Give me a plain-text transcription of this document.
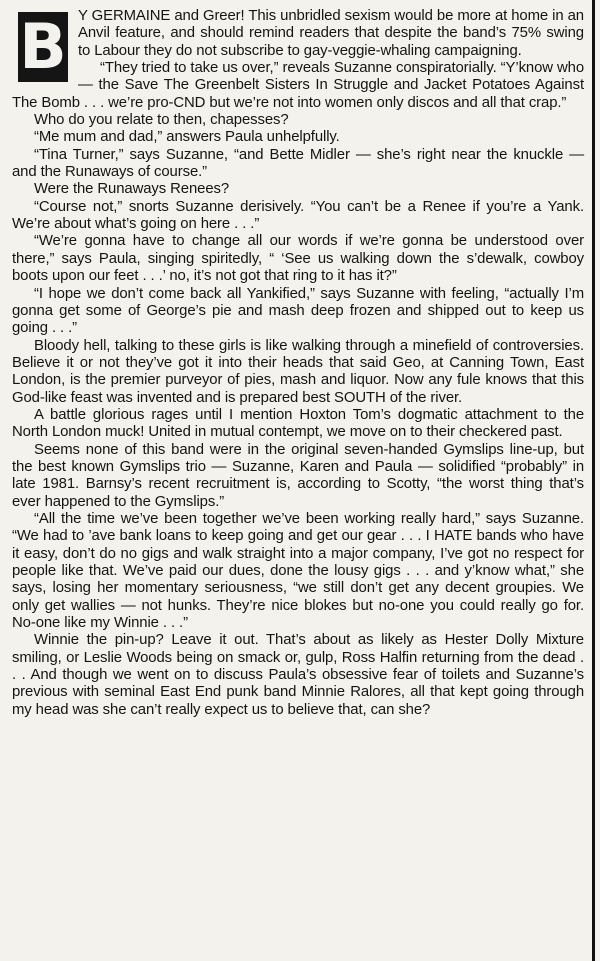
B Y GERMAINE and Greer! This unbridled sexism would be more at home in an Anvil feature, and should remind readers that despite the band’s 75% swing to Labour they do not subscribe to gay-veggie-whaling campaigning.

“They tried to take us over,” reveals Suzanne conspiratorially. “Y’know who — the Save The Greenbelt Sisters In Struggle and Jacket Potatoes Against The Bomb . . . we’re pro-CND but we’re not into women only discos and all that crap.”

Who do you relate to then, chapesses?

“Me mum and dad,” answers Paula unhelpfully.

“Tina Turner,” says Suzanne, “and Bette Midler — she’s right near the knuckle — and the Runaways of course.”

Were the Runaways Renees?

“Course not,” snorts Suzanne derisively. “You can’t be a Renee if you’re a Yank. We’re about what’s going on here . . .”

“We’re gonna have to change all our words if we’re gonna be understood over there,” says Paula, singing spiritedly, “ ‘See us walking down the s’dewalk, cowboy boots upon our feet . . .’ no, it’s not got that ring to it has it?”

“I hope we don’t come back all Yankified,” says Suzanne with feeling, “actually I’m gonna get some of George’s pie and mash deep frozen and shipped out to keep us going . . .”

Bloody hell, talking to these girls is like walking through a minefield of controversies. Believe it or not they’ve got it into their heads that said Geo, at Canning Town, East London, is the premier purveyor of pies, mash and liquor. Now any fule knows that this God-like feast was invented and is prepared best SOUTH of the river.

A battle glorious rages until I mention Hoxton Tom’s dogmatic attachment to the North London muck! United in mutual contempt, we move on to their checkered past.

Seems none of this band were in the original seven-handed Gymslips line-up, but the best known Gymslips trio — Suzanne, Karen and Paula — solidified “probably” in late 1981. Barnsy’s recent recruitment is, according to Scotty, “the worst thing that’s ever happened to the Gymslips.”

“All the time we’ve been together we’ve been working really hard,” says Suzanne. “We had to ’ave bank loans to keep going and get our gear . . . I HATE bands who have it easy, don’t do no gigs and walk straight into a major company, I’ve got no respect for people like that. We’ve paid our dues, done the lousy gigs . . . and y’know what,” she says, losing her momentary seriousness, “we still don’t get any decent groupies. We only get wallies — not hunks. They’re nice blokes but no-one you could really go for. No-one like my Winnie . . .”

Winnie the pin-up? Leave it out. That’s about as likely as Hester Dolly Mixture smiling, or Leslie Woods being on smack or, gulp, Ross Halfin returning from the dead . . . And though we went on to discuss Paula’s obsessive fear of toilets and Suzanne’s previous with seminal East End punk band Minnie Ralores, all that kept going through my head was she can’t really expect us to believe that, can she?
